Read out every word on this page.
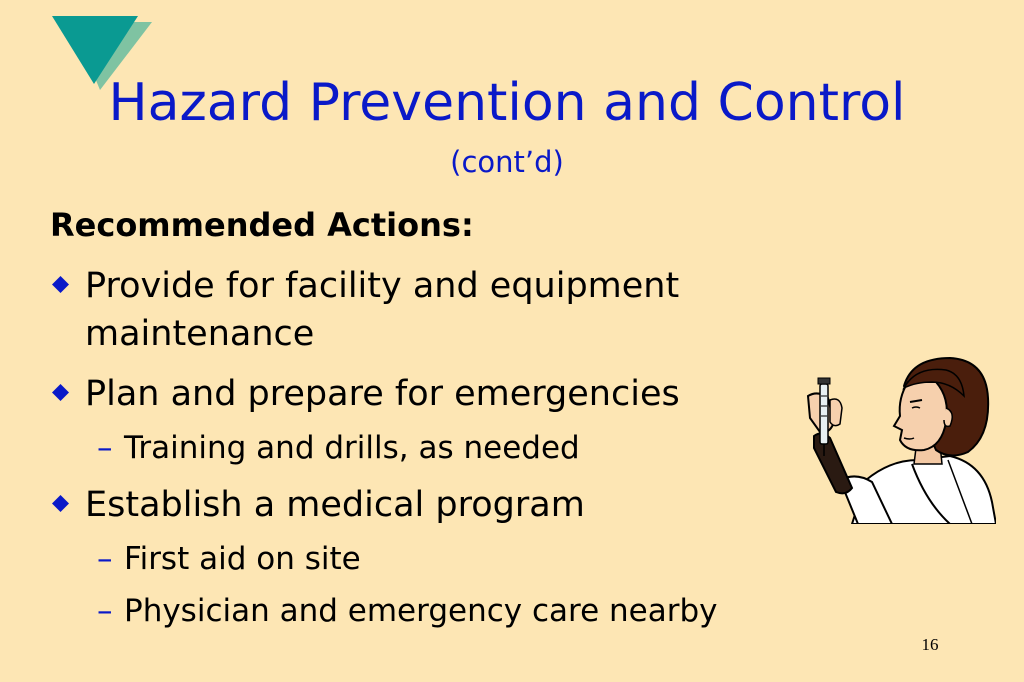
Hazard Prevention and Control
(cont’d)
Recommended Actions:
Provide for facility and equipment maintenance
Plan and prepare for emergencies
– Training and drills, as needed
Establish a medical program
– First aid on site
– Physician and emergency care nearby
16
